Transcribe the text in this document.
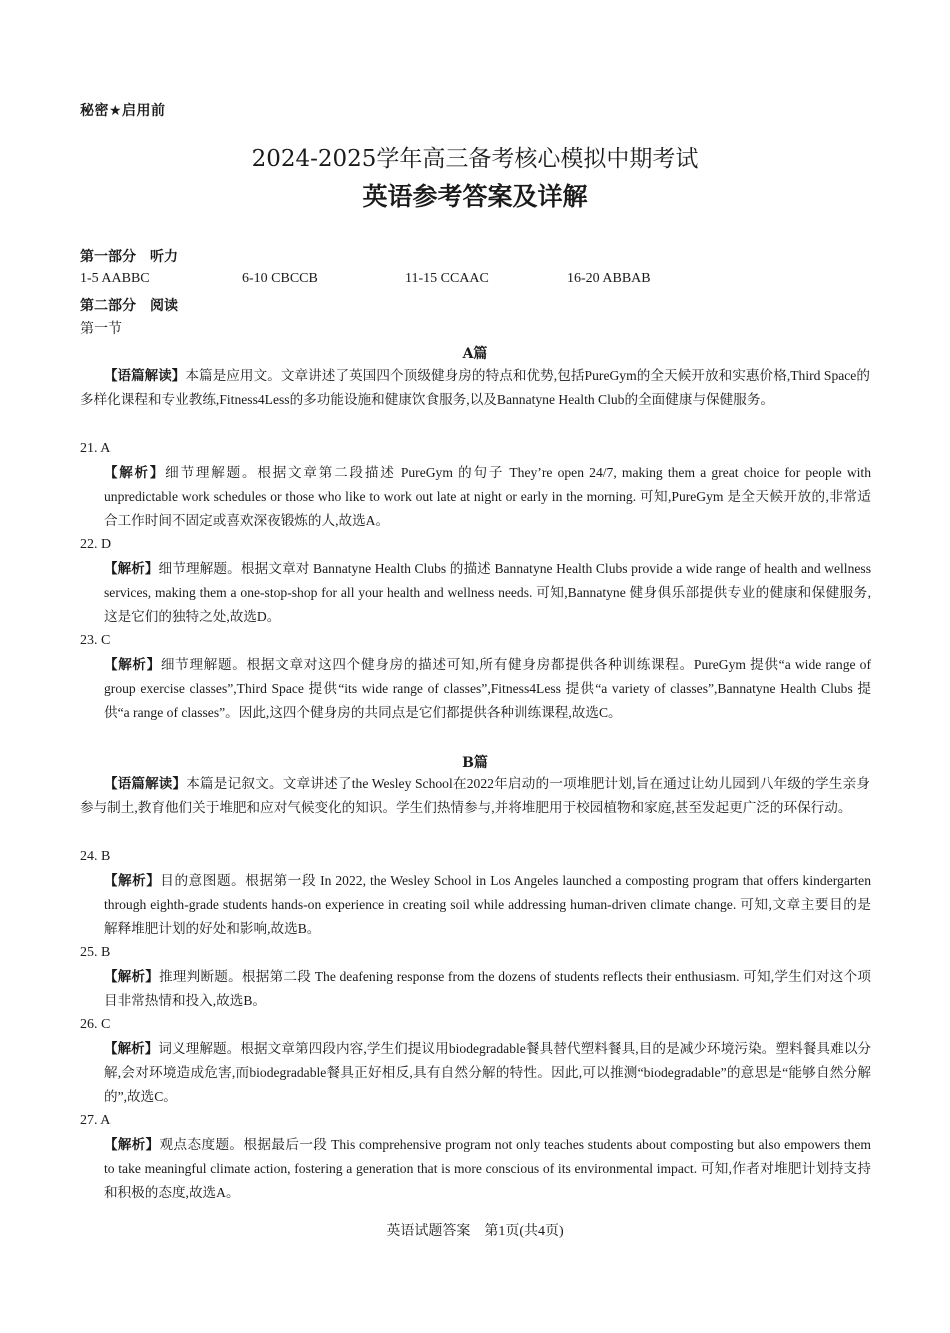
秘密★启用前
2024-2025学年高三备考核心模拟中期考试
英语参考答案及详解
第一部分 听力
1-5 AABBC	6-10 CBCCB	11-15 CCAAC	16-20 ABBAB
第二部分 阅读
第一节
A篇
【语篇解读】本篇是应用文。文章讲述了英国四个顶级健身房的特点和优势,包括PureGym的全天候开放和实惠价格,Third Space的多样化课程和专业教练,Fitness4Less的多功能设施和健康饮食服务,以及Bannatyne Health Club的全面健康与保健服务。
21. A
【解析】细节理解题。根据文章第二段描述 PureGym 的句子 They’re open 24/7, making them a great choice for people with unpredictable work schedules or those who like to work out late at night or early in the morning. 可知,PureGym 是全天候开放的,非常适合工作时间不固定或喜欢深夜锻炼的人,故选A。
22. D
【解析】细节理解题。根据文章对 Bannatyne Health Clubs 的描述 Bannatyne Health Clubs provide a wide range of health and wellness services, making them a one-stop-shop for all your health and wellness needs. 可知,Bannatyne 健身俱乐部提供专业的健康和保健服务,这是它们的独特之处,故选D。
23. C
【解析】细节理解题。根据文章对这四个健身房的描述可知,所有健身房都提供各种训练课程。PureGym 提供“a wide range of group exercise classes”,Third Space 提供“its wide range of classes”,Fitness4Less 提供“a variety of classes”,Bannatyne Health Clubs 提供“a range of classes”。因此,这四个健身房的共同点是它们都提供各种训练课程,故选C。
B篇
【语篇解读】本篇是记叙文。文章讲述了the Wesley School在2022年启动的一项堆肥计划,旨在通过让幼儿园到八年级的学生亲身参与制土,教育他们关于堆肥和应对气候变化的知识。学生们热情参与,并将堆肥用于校园植物和家庭,甚至发起更广泛的环保行动。
24. B
【解析】目的意图题。根据第一段 In 2022, the Wesley School in Los Angeles launched a composting program that offers kindergarten through eighth-grade students hands-on experience in creating soil while addressing human-driven climate change. 可知,文章主要目的是解释堆肥计划的好处和影响,故选B。
25. B
【解析】推理判断题。根据第二段 The deafening response from the dozens of students reflects their enthusiasm. 可知,学生们对这个项目非常热情和投入,故选B。
26. C
【解析】词义理解题。根据文章第四段内容,学生们提议用biodegradable餐具替代塑料餐具,目的是减少环境污染。塑料餐具难以分解,会对环境造成危害,而biodegradable餐具正好相反,具有自然分解的特性。因此,可以推测“biodegradable”的意思是“能够自然分解的”,故选C。
27. A
【解析】观点态度题。根据最后一段 This comprehensive program not only teaches students about composting but also empowers them to take meaningful climate action, fostering a generation that is more conscious of its environmental impact. 可知,作者对堆肥计划持支持和积极的态度,故选A。
英语试题答案　第1页(共4页)
